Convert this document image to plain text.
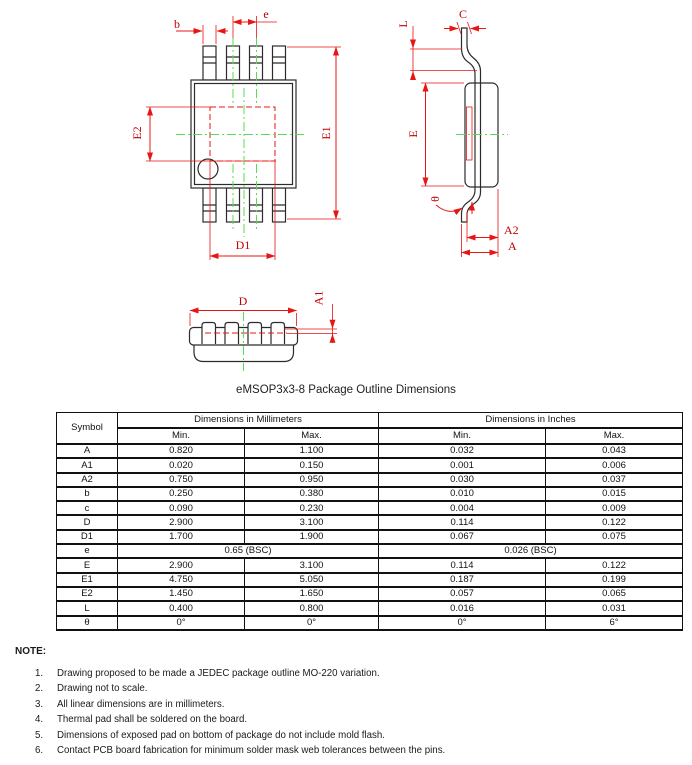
b
e
E1
E2
D1
L
C
E
θ
A2
A
D	A1
eMSOP3x3-8 Package Outline Dimensions
Symbol	Dimensions in Millimeters		Dimensions in Inches	
	Min.	Max.	Min.	Max.
A	0.820	1.100	0.032	0.043
A1	0.020	0.150	0.001	0.006
A2	0.750	0.950	0.030	0.037
b	0.250	0.380	0.010	0.015
c	0.090	0.230	0.004	0.009
D	2.900	3.100	0.114	0.122
D1	1.700	1.900	0.067	0.075
e	0.65 (BSC)		0.026 (BSC)	
E	2.900	3.100	0.114	0.122
E1	4.750	5.050	0.187	0.199
E2	1.450	1.650	0.057	0.065
L	0.400	0.800	0.016	0.031
θ	0°	0°	0°	6°
NOTE:
1.	Drawing proposed to be made a JEDEC package outline MO-220 variation.
2.	Drawing not to scale.
3.	All linear dimensions are in millimeters.
4.	Thermal pad shall be soldered on the board.
5.	Dimensions of exposed pad on bottom of package do not include mold flash.
6.	Contact PCB board fabrication for minimum solder mask web tolerances between the pins.
